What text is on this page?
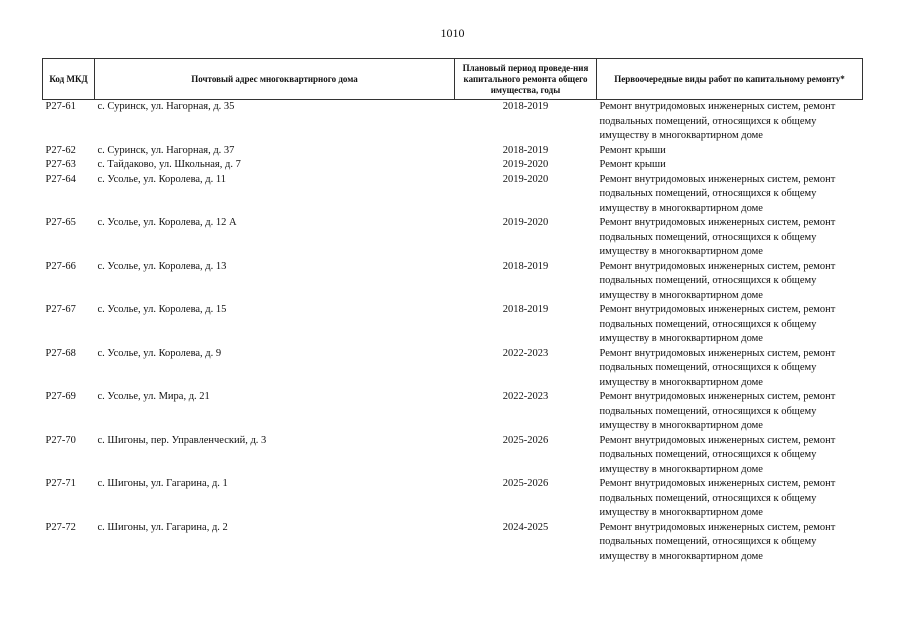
1010
Код МКД	Почтовый адрес многоквартирного дома	Плановый период проведе-ния капитального ремонта общего имущества, годы	Первоочередные виды работ по капитальному ремонту*
Р27-61	с. Суринск, ул. Нагорная, д. 35	2018-2019	Ремонт внутридомовых инженерных систем, ремонт подвальных помещений, относящихся к общему имуществу в многоквартирном доме
Р27-62	с. Суринск, ул. Нагорная, д. 37	2018-2019	Ремонт крыши
Р27-63	с. Тайдаково, ул. Школьная, д. 7	2019-2020	Ремонт крыши
Р27-64	с. Усолье, ул. Королева, д. 11	2019-2020	Ремонт внутридомовых инженерных систем, ремонт подвальных помещений, относящихся к общему имуществу в многоквартирном доме
Р27-65	с. Усолье, ул. Королева, д. 12 А	2019-2020	Ремонт внутридомовых инженерных систем, ремонт подвальных помещений, относящихся к общему имуществу в многоквартирном доме
Р27-66	с. Усолье, ул. Королева, д. 13	2018-2019	Ремонт внутридомовых инженерных систем, ремонт подвальных помещений, относящихся к общему имуществу в многоквартирном доме
Р27-67	с. Усолье, ул. Королева, д. 15	2018-2019	Ремонт внутридомовых инженерных систем, ремонт подвальных помещений, относящихся к общему имуществу в многоквартирном доме
Р27-68	с. Усолье, ул. Королева, д. 9	2022-2023	Ремонт внутридомовых инженерных систем, ремонт подвальных помещений, относящихся к общему имуществу в многоквартирном доме
Р27-69	с. Усолье, ул. Мира, д. 21	2022-2023	Ремонт внутридомовых инженерных систем, ремонт подвальных помещений, относящихся к общему имуществу в многоквартирном доме
Р27-70	с. Шигоны, пер. Управленческий, д. 3	2025-2026	Ремонт внутридомовых инженерных систем, ремонт подвальных помещений, относящихся к общему имуществу в многоквартирном доме
Р27-71	с. Шигоны, ул. Гагарина, д. 1	2025-2026	Ремонт внутридомовых инженерных систем, ремонт подвальных помещений, относящихся к общему имуществу в многоквартирном доме
Р27-72	с. Шигоны, ул. Гагарина, д. 2	2024-2025	Ремонт внутридомовых инженерных систем, ремонт подвальных помещений, относящихся к общему имуществу в многоквартирном доме
